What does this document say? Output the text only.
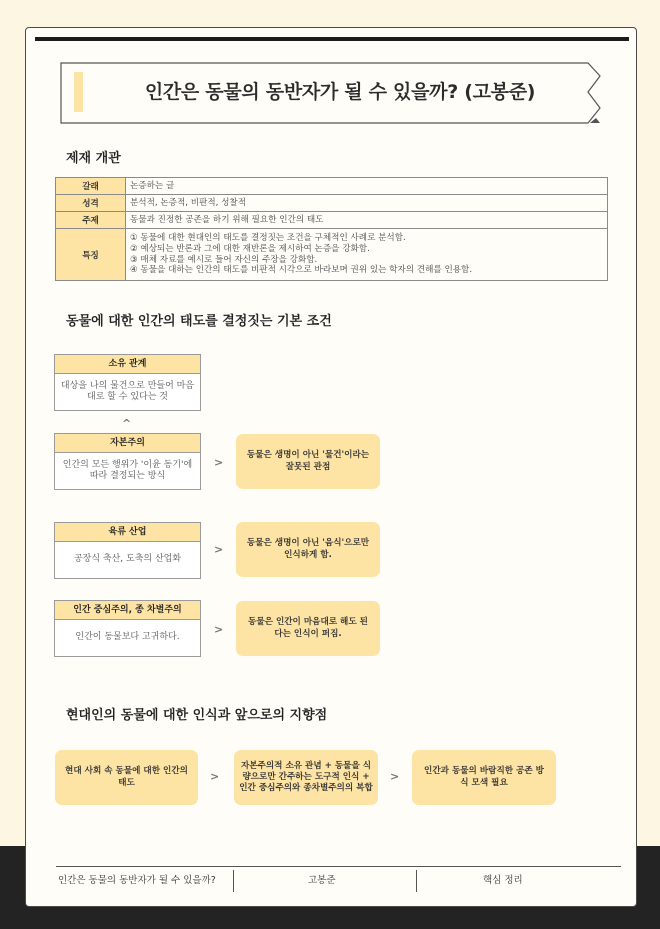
인간은 동물의 동반자가 될 수 있을까? (고봉준)
제재 개관
갈래	논증하는 글
성격	분석적, 논증적, 비판적, 성찰적
주제	동물과 진정한 공존을 하기 위해 필요한 인간의 태도
특징	① 동물에 대한 현대인의 태도를 결정짓는 조건을 구체적인 사례로 분석함.
② 예상되는 반론과 그에 대한 재반론을 제시하여 논증을 강화함.
③ 매체 자료를 예시로 들어 자신의 주장을 강화함.
④ 동물을 대하는 인간의 태도를 비판적 시각으로 바라보며 권위 있는 학자의 견해를 인용함.
동물에 대한 인간의 태도를 결정짓는 기본 조건
소유 관계
대상을 나의 물건으로 만들어 마음대로 할 수 있다는 것
^
자본주의
인간의 모든 행위가 '이윤 동기'에 따라 결정되는 방식
>
동물은 생명이 아닌 '물건'이라는 잘못된 관점
육류 산업
공장식 축산, 도축의 산업화
>	동물은 생명이 아닌 '음식'으로만 인식하게 함.
인간 중심주의, 종 차별주의
인간이 동물보다 고귀하다.
>
동물은 인간이 마음대로 해도 된다는 인식이 퍼짐.
현대인의 동물에 대한 인식과 앞으로의 지향점
현대 사회 속 동물에 대한 인간의 태도	>
자본주의적 소유 관념 + 동물을 식량으로만 간주하는 도구적 인식 + 인간 중심주의와 종차별주의의 복합
>	인간과 동물의 바람직한 공존 방식 모색 필요
인간은 동물의 동반자가 될 수 있을까?	고봉준	핵심 정리
